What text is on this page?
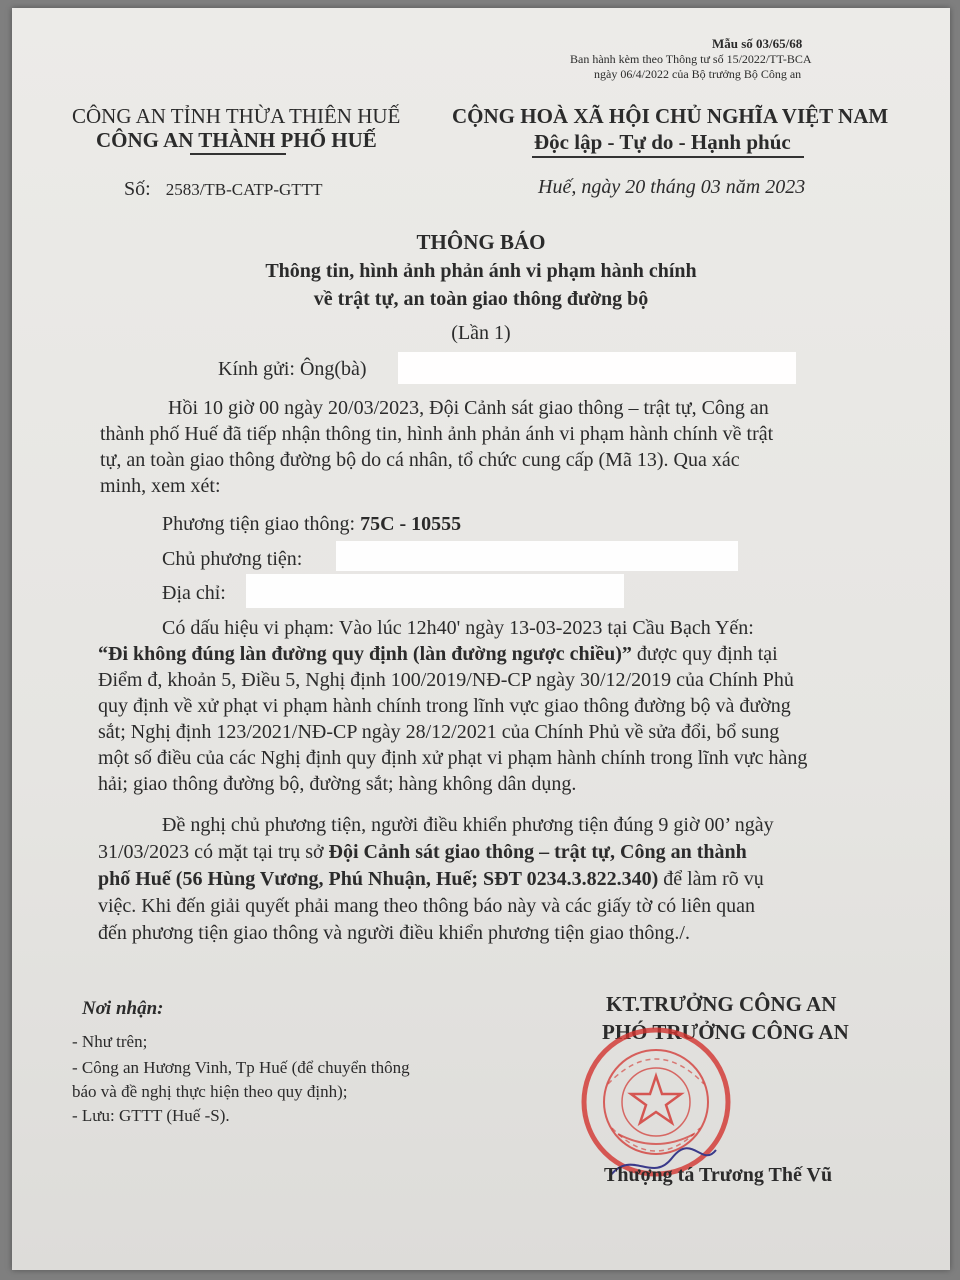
Mẫu số 03/65/68
Ban hành kèm theo Thông tư số 15/2022/TT-BCA
ngày 06/4/2022 của Bộ trưởng Bộ Công an
CÔNG AN TỈNH THỪA THIÊN HUẾ
CÔNG AN THÀNH PHỐ HUẾ
Số: 2583/TB-CATP-GTTT
CỘNG HOÀ XÃ HỘI CHỦ NGHĨA VIỆT NAM
Độc lập - Tự do - Hạnh phúc
Huế, ngày 20 tháng 03 năm 2023
THÔNG BÁO
Thông tin, hình ảnh phản ánh vi phạm hành chính
về trật tự, an toàn giao thông đường bộ
(Lần 1)
Kính gửi: Ông(bà)
Hồi 10 giờ 00 ngày 20/03/2023, Đội Cảnh sát giao thông – trật tự, Công an
thành phố Huế đã tiếp nhận thông tin, hình ảnh phản ánh vi phạm hành chính về trật
tự, an toàn giao thông đường bộ do cá nhân, tổ chức cung cấp (Mã 13). Qua xác
minh, xem xét:
Phương tiện giao thông: 75C - 10555
Chủ phương tiện:
Địa chỉ:
Có dấu hiệu vi phạm: Vào lúc 12h40' ngày 13-03-2023 tại Cầu Bạch Yến:
“Đi không đúng làn đường quy định (làn đường ngược chiều)” được quy định tại
Điểm đ, khoản 5, Điều 5, Nghị định 100/2019/NĐ-CP ngày 30/12/2019 của Chính Phủ
quy định về xử phạt vi phạm hành chính trong lĩnh vực giao thông đường bộ và đường
sắt; Nghị định 123/2021/NĐ-CP ngày 28/12/2021 của Chính Phủ về sửa đổi, bổ sung
một số điều của các Nghị định quy định xử phạt vi phạm hành chính trong lĩnh vực hàng
hải; giao thông đường bộ, đường sắt; hàng không dân dụng.
Đề nghị chủ phương tiện, người điều khiển phương tiện đúng 9 giờ 00’ ngày
31/03/2023 có mặt tại trụ sở Đội Cảnh sát giao thông – trật tự, Công an thành
phố Huế (56 Hùng Vương, Phú Nhuận, Huế; SĐT 0234.3.822.340) để làm rõ vụ
việc. Khi đến giải quyết phải mang theo thông báo này và các giấy tờ có liên quan
đến phương tiện giao thông và người điều khiển phương tiện giao thông./.
Nơi nhận:
- Như trên;
- Công an Hương Vinh, Tp Huế (để chuyển thông
báo và đề nghị thực hiện theo quy định);
- Lưu: GTTT (Huế -S).
KT.TRƯỞNG CÔNG AN
PHÓ TRƯỞNG CÔNG AN
Thượng tá Trương Thế Vũ
